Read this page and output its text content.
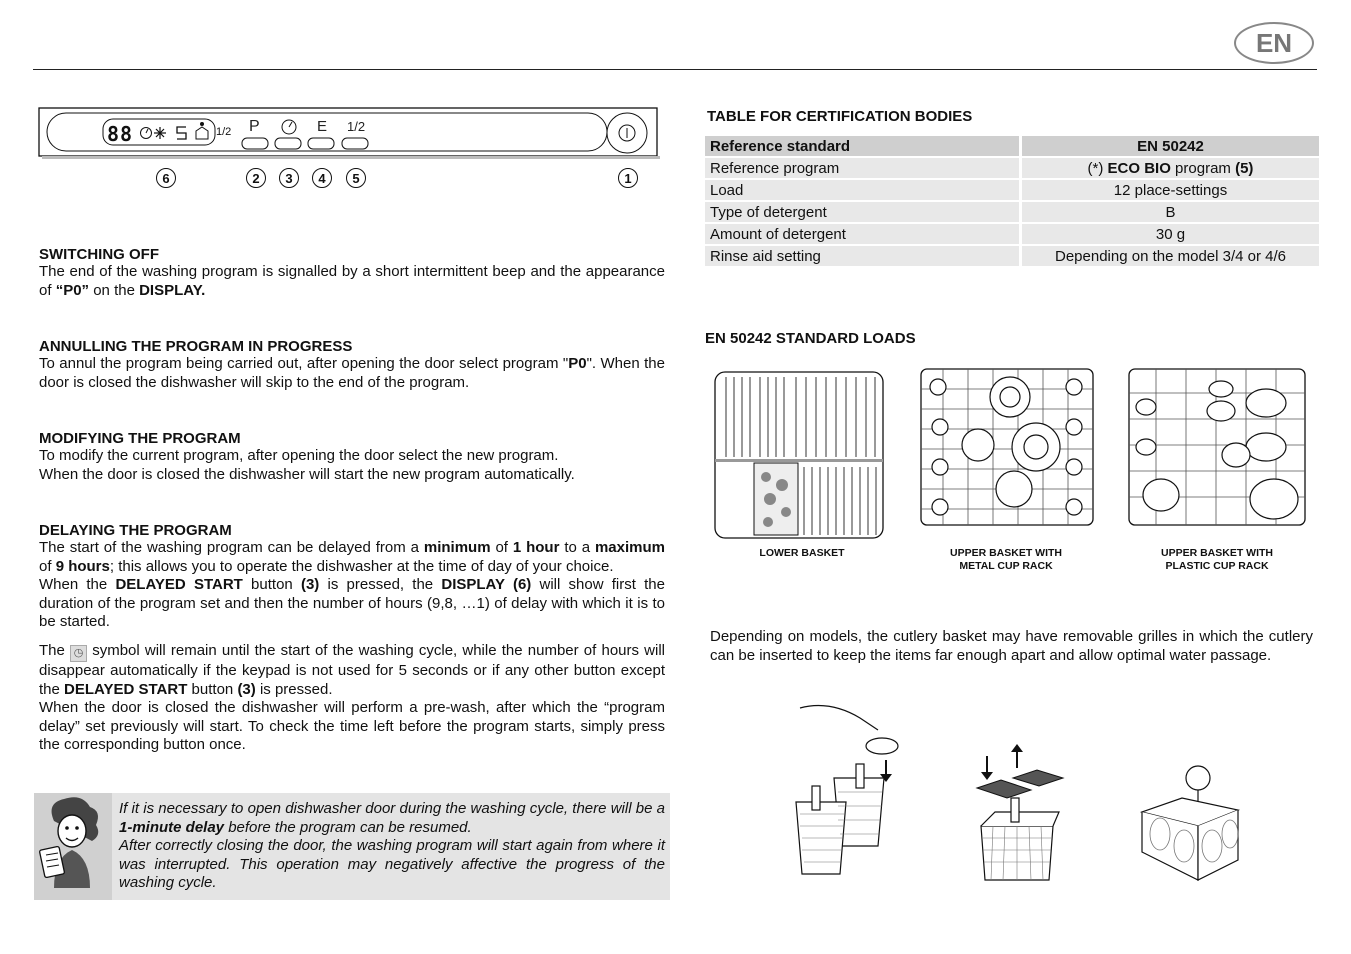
EN
88	1/2 P	E 1/2
6	2	3	4	5	1
SWITCHING OFF
The end of the washing program is signalled by a short intermittent beep and the appearance of “P0” on the DISPLAY.
ANNULLING THE PROGRAM IN PROGRESS
To annul the program being carried out, after opening the door select program "P0". When the door is closed the dishwasher will skip to the end of the program.
MODIFYING THE PROGRAM
To modify the current program, after opening the door select the new program.
When the door is closed the dishwasher will start the new program automatically.
DELAYING THE PROGRAM
The start of the washing program can be delayed from a minimum of 1 hour to a maximum of 9 hours; this allows you to operate the dishwasher at the time of day of your choice.
When the DELAYED START button (3) is pressed, the DISPLAY (6) will show first the duration of the program set and then the number of hours (9,8, …1) of delay with which it is to be started.
The ◷ symbol will remain until the start of the washing cycle, while the number of hours will disappear automatically if the keypad is not used for 5 seconds or if any other button except the DELAYED START button (3) is pressed.
When the door is closed the dishwasher will perform a pre-wash, after which the “program delay” set previously will start. To check the time left before the program starts, simply press the corresponding button once.
If it is necessary to open dishwasher door during the washing cycle, there will be a 1-minute delay before the program can be resumed.
After correctly closing the door, the washing program will start again from where it was interrupted. This operation may negatively affective the progress of the washing cycle.
TABLE FOR CERTIFICATION BODIES
Reference standard	EN 50242
Reference program	(*) ECO BIO program (5)
Load	12 place-settings
Type of detergent	B
Amount of detergent	30 g
Rinse aid setting	Depending on the model 3/4 or 4/6
EN 50242 STANDARD LOADS
LOWER BASKET	UPPER BASKET WITH
METAL CUP RACK
UPPER BASKET WITH
PLASTIC CUP RACK
Depending on models, the cutlery basket may have removable grilles in which the cutlery can be inserted to keep the items far enough apart and allow optimal water passage.
